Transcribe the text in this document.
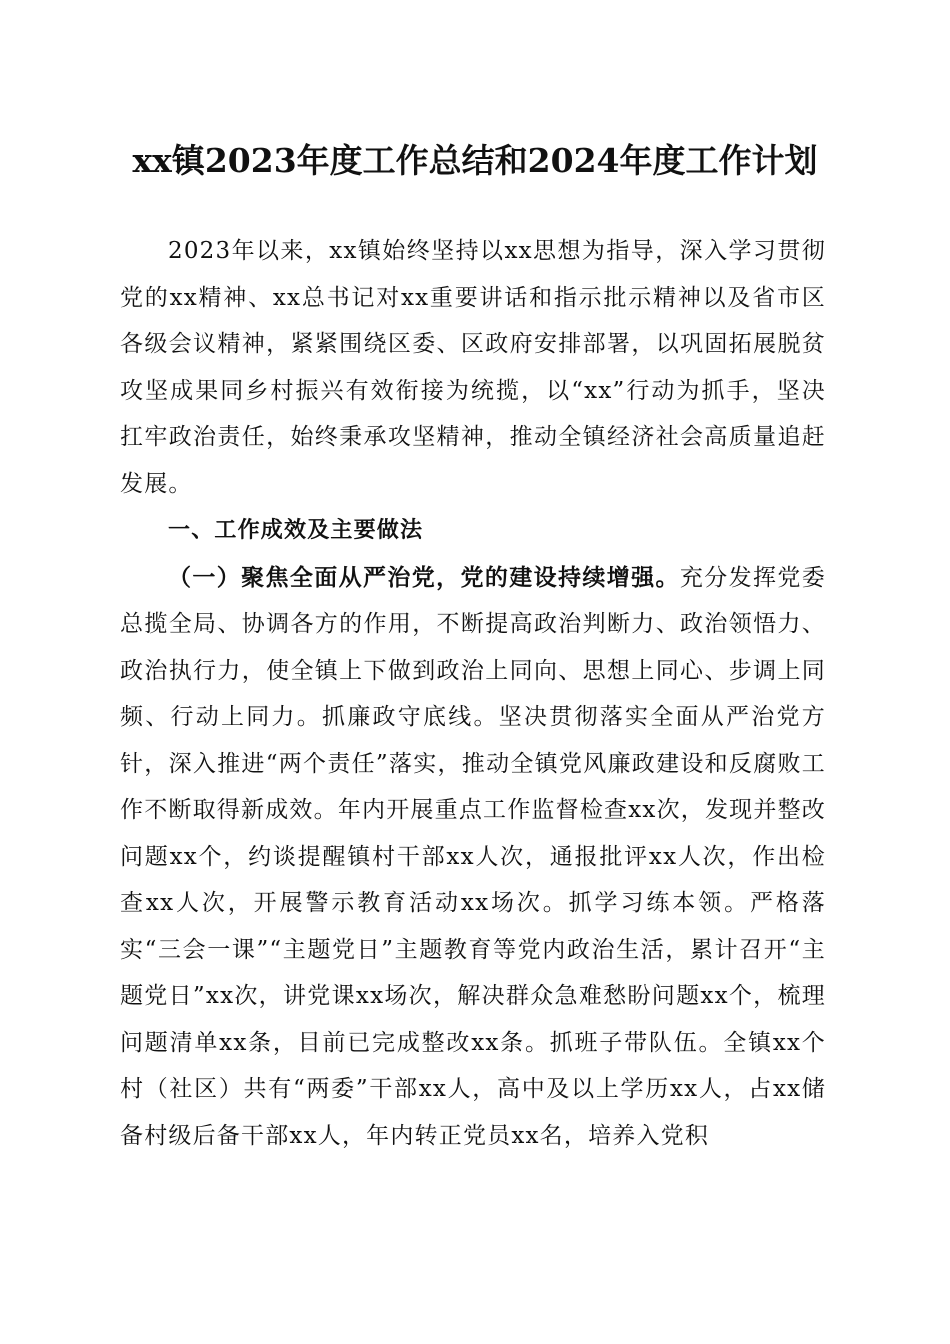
xx镇2023年度工作总结和2024年度工作计划

2023年以来，xx镇始终坚持以xx思想为指导，深入学习贯彻党的xx精神、xx总书记对xx重要讲话和指示批示精神以及省市区各级会议精神，紧紧围绕区委、区政府安排部署，以巩固拓展脱贫攻坚成果同乡村振兴有效衔接为统揽，以“xx”行动为抓手，坚决扛牢政治责任，始终秉承攻坚精神，推动全镇经济社会高质量追赶发展。

一、工作成效及主要做法

（一）聚焦全面从严治党，党的建设持续增强。充分发挥党委总揽全局、协调各方的作用，不断提高政治判断力、政治领悟力、政治执行力，使全镇上下做到政治上同向、思想上同心、步调上同频、行动上同力。抓廉政守底线。坚决贯彻落实全面从严治党方针，深入推进“两个责任”落实，推动全镇党风廉政建设和反腐败工作不断取得新成效。年内开展重点工作监督检查xx次，发现并整改问题xx个，约谈提醒镇村干部xx人次，通报批评xx人次，作出检查xx人次，开展警示教育活动xx场次。抓学习练本领。严格落实“三会一课”“主题党日”主题教育等党内政治生活，累计召开“主题党日”xx次，讲党课xx场次，解决群众急难愁盼问题xx个，梳理问题清单xx条，目前已完成整改xx条。抓班子带队伍。全镇xx个村（社区）共有“两委”干部xx人，高中及以上学历xx人，占xx储备村级后备干部xx人，年内转正党员xx名，培养入党积
